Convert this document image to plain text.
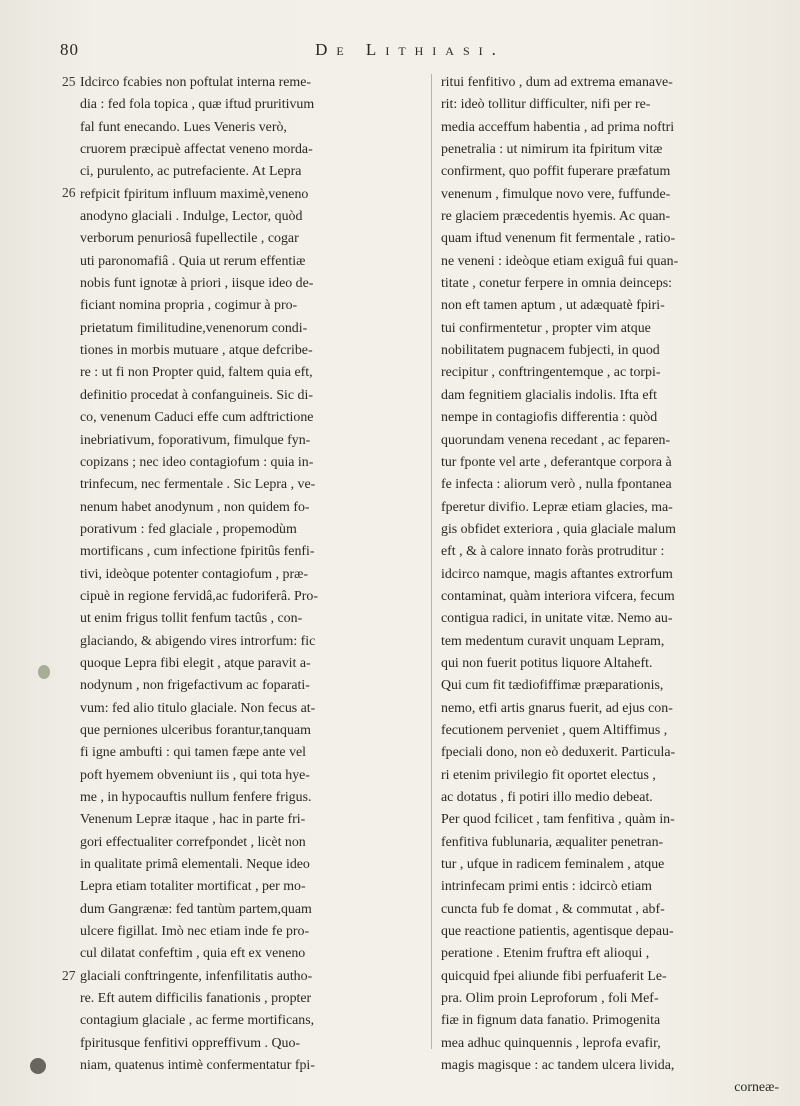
80	De Lithiasi.
25
26
27
Idcirco fcabies non poftulat interna reme-
dia : fed fola topica , quæ iftud pruritivum
fal funt enecando. Lues Veneris verò,
cruorem præcipuè affectat veneno morda-
ci, purulento, ac putrefaciente. At Lepra
refpicit fpiritum influum maximè,veneno
anodyno glaciali . Indulge, Lector, quòd
verborum penuriosâ fupellectile , cogar
uti paronomafiâ . Quia ut rerum effentiæ
nobis funt ignotæ à priori , iisque ideo de-
ficiant nomina propria , cogimur à pro-
prietatum fimilitudine,venenorum condi-
tiones in morbis mutuare , atque defcribe-
re : ut fi non Propter quid, faltem quia eft,
definitio procedat à confanguineis. Sic di-
co, venenum Caduci effe cum adftrictione
inebriativum, foporativum, fimulque fyn-
copizans ; nec ideo contagiofum : quia in-
trinfecum, nec fermentale . Sic Lepra , ve-
nenum habet anodynum , non quidem fo-
porativum : fed glaciale , propemodùm
mortificans , cum infectione fpiritûs fenfi-
tivi, ideòque potenter contagiofum , præ-
cipuè in regione fervidâ,ac fudoriferâ. Pro-
ut enim frigus tollit fenfum tactûs , con-
glaciando, & abigendo vires introrfum: fic
quoque Lepra fibi elegit , atque paravit a-
nodynum , non frigefactivum ac foparati-
vum: fed alio titulo glaciale. Non fecus at-
que perniones ulceribus forantur,tanquam
fi igne ambufti : qui tamen fæpe ante vel
poft hyemem obveniunt iis , qui tota hye-
me , in hypocauftis nullum fenfere frigus.
Venenum Lepræ itaque , hac in parte fri-
gori effectualiter correfpondet , licèt non
in qualitate primâ elementali. Neque ideo
Lepra etiam totaliter mortificat , per mo-
dum Gangrænæ: fed tantùm partem,quam
ulcere figillat. Imò nec etiam inde fe pro-
cul dilatat confeftim , quia eft ex veneno
glaciali conftringente, infenfilitatis autho-
re. Eft autem difficilis fanationis , propter
contagium glaciale , ac ferme mortificans,
fpiritusque fenfitivi oppreffivum . Quo-
niam, quatenus intimè confermentatur fpi-
ritui fenfitivo , dum ad extrema emanave-
rit: ideò tollitur difficulter, nifi per re-
media acceffum habentia , ad prima noftri
penetralia : ut nimirum ita fpiritum vitæ
confirment, quo poffit fuperare præfatum
venenum , fimulque novo vere, fuffunde-
re glaciem præcedentis hyemis. Ac quan-
quam iftud venenum fit fermentale , ratio-
ne veneni : ideòque etiam exiguâ fui quan-
titate , conetur ferpere in omnia deinceps:
non eft tamen aptum , ut adæquatè fpiri-
tui confirmentetur , propter vim atque
nobilitatem pugnacem fubjecti, in quod
recipitur , conftringentemque , ac torpi-
dam fegnitiem glacialis indolis. Ifta eft
nempe in contagiofis differentia : quòd
quorundam venena recedant , ac feparen-
tur fponte vel arte , deferantque corpora à
fe infecta : aliorum verò , nulla fpontanea
fperetur divifio. Lepræ etiam glacies, ma-
gis obfidet exteriora , quia glaciale malum
eft , & à calore innato foràs protruditur :
idcirco namque, magis aftantes extrorfum
contaminat, quàm interiora vifcera, fecum
contigua radici, in unitate vitæ. Nemo au-
tem medentum curavit unquam Lepram,
qui non fuerit potitus liquore Altaheft.
Qui cum fit tædiofiffimæ præparationis,
nemo, etfi artis gnarus fuerit, ad ejus con-
fecutionem perveniet , quem Altiffimus ,
fpeciali dono, non eò deduxerit. Particula-
ri etenim privilegio fit oportet electus ,
ac dotatus , fi potiri illo medio debeat.
Per quod fcilicet , tam fenfitiva , quàm in-
fenfitiva fublunaria, æqualiter penetran-
tur , ufque in radicem feminalem , atque
intrinfecam primi entis : idcircò etiam
cuncta fub fe domat , & commutat , abf-
que reactione patientis, agentisque depau-
peratione . Etenim fruftra eft alioqui ,
quicquid fpei aliunde fibi perfuaferit Le-
pra. Olim proin Leproforum , foli Mef-
fiæ in fignum data fanatio. Primogenita
mea adhuc quinquennis , leprofa evafir,
magis magisque : ac tandem ulcera livida,
corneæ-
